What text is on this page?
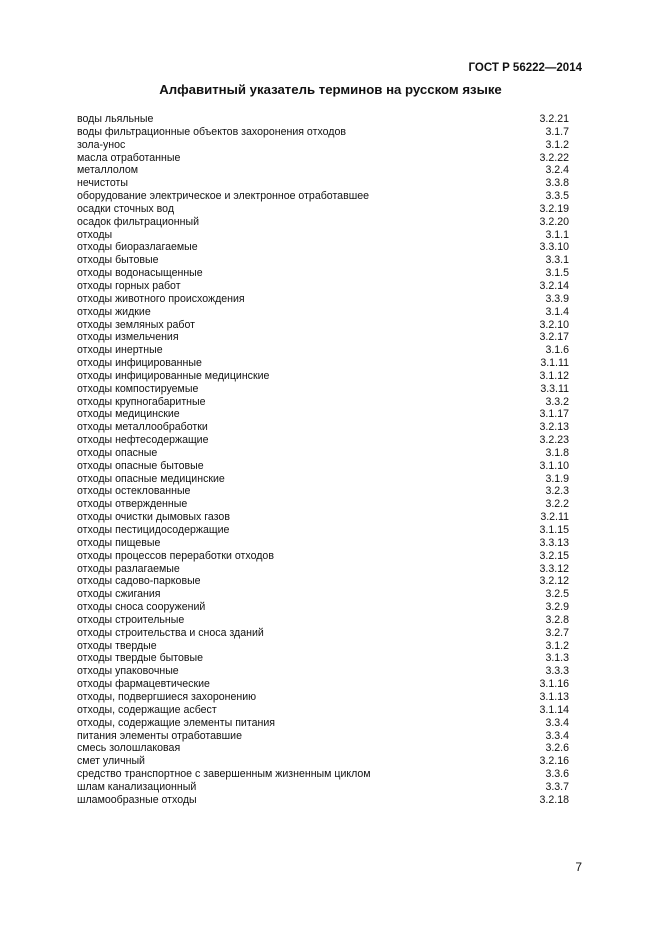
ГОСТ Р 56222—2014
Алфавитный указатель терминов на русском языке
воды льяльные	3.2.21
воды фильтрационные объектов захоронения отходов	3.1.7
зола-унос	3.1.2
масла отработанные	3.2.22
металлолом	3.2.4
нечистоты	3.3.8
оборудование электрическое и электронное отработавшее	3.3.5
осадки сточных вод	3.2.19
осадок фильтрационный	3.2.20
отходы	3.1.1
отходы биоразлагаемые	3.3.10
отходы бытовые	3.3.1
отходы водонасыщенные	3.1.5
отходы горных работ	3.2.14
отходы животного происхождения	3.3.9
отходы жидкие	3.1.4
отходы земляных работ	3.2.10
отходы измельчения	3.2.17
отходы инертные	3.1.6
отходы инфицированные	3.1.11
отходы инфицированные медицинские	3.1.12
отходы компостируемые	3.3.11
отходы крупногабаритные	3.3.2
отходы медицинские	3.1.17
отходы металлообработки	3.2.13
отходы нефтесодержащие	3.2.23
отходы опасные	3.1.8
отходы опасные бытовые	3.1.10
отходы опасные медицинские	3.1.9
отходы остеклованные	3.2.3
отходы отвержденные	3.2.2
отходы очистки дымовых газов	3.2.11
отходы пестицидосодержащие	3.1.15
отходы пищевые	3.3.13
отходы процессов переработки отходов	3.2.15
отходы разлагаемые	3.3.12
отходы садово-парковые	3.2.12
отходы сжигания	3.2.5
отходы сноса сооружений	3.2.9
отходы строительные	3.2.8
отходы строительства и сноса зданий	3.2.7
отходы твердые	3.1.2
отходы твердые бытовые	3.1.3
отходы упаковочные	3.3.3
отходы фармацевтические	3.1.16
отходы, подвергшиеся захоронению	3.1.13
отходы, содержащие асбест	3.1.14
отходы, содержащие элементы питания	3.3.4
питания элементы отработавшие	3.3.4
смесь золошлаковая	3.2.6
смет уличный	3.2.16
средство транспортное с завершенным жизненным циклом	3.3.6
шлам канализационный	3.3.7
шламообразные отходы	3.2.18
7
